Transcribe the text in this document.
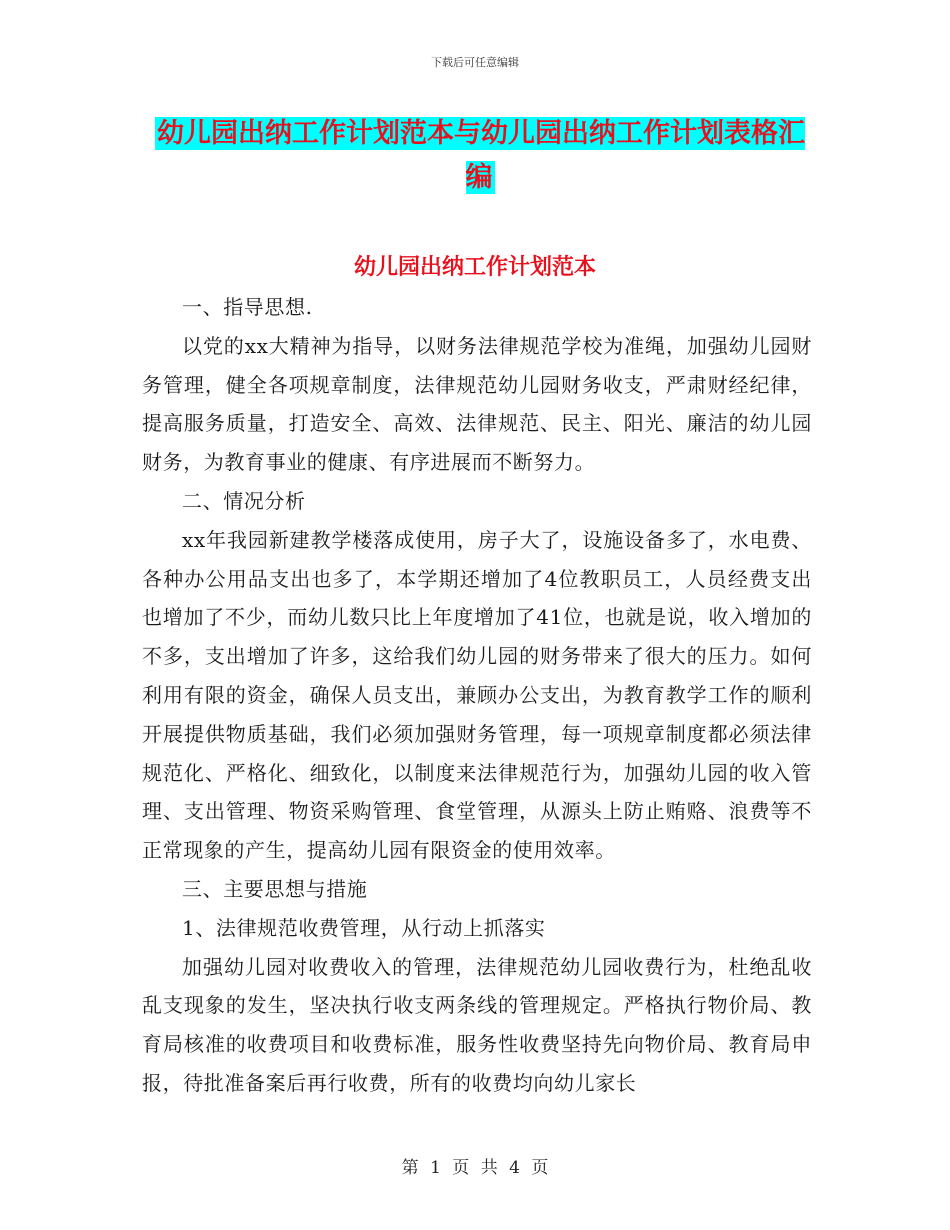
下载后可任意编辑
幼儿园出纳工作计划范本与幼儿园出纳工作计划表格汇编
幼儿园出纳工作计划范本

一、指导思想.

以党的xx大精神为指导，以财务法律规范学校为准绳，加强幼儿园财务管理，健全各项规章制度，法律规范幼儿园财务收支，严肃财经纪律，提高服务质量，打造安全、高效、法律规范、民主、阳光、廉洁的幼儿园财务，为教育事业的健康、有序进展而不断努力。

二、情况分析

xx年我园新建教学楼落成使用，房子大了，设施设备多了，水电费、各种办公用品支出也多了，本学期还增加了4位教职员工，人员经费支出也增加了不少，而幼儿数只比上年度增加了41位，也就是说，收入增加的不多，支出增加了许多，这给我们幼儿园的财务带来了很大的压力。如何利用有限的资金，确保人员支出，兼顾办公支出，为教育教学工作的顺利开展提供物质基础，我们必须加强财务管理，每一项规章制度都必须法律规范化、严格化、细致化，以制度来法律规范行为，加强幼儿园的收入管理、支出管理、物资采购管理、食堂管理，从源头上防止贿赂、浪费等不正常现象的产生，提高幼儿园有限资金的使用效率。

三、主要思想与措施

1、法律规范收费管理，从行动上抓落实

加强幼儿园对收费收入的管理，法律规范幼儿园收费行为，杜绝乱收乱支现象的发生，坚决执行收支两条线的管理规定。严格执行物价局、教育局核准的收费项目和收费标准，服务性收费坚持先向物价局、教育局申报，待批准备案后再行收费，所有的收费均向幼儿家长

第 1 页 共 4 页
